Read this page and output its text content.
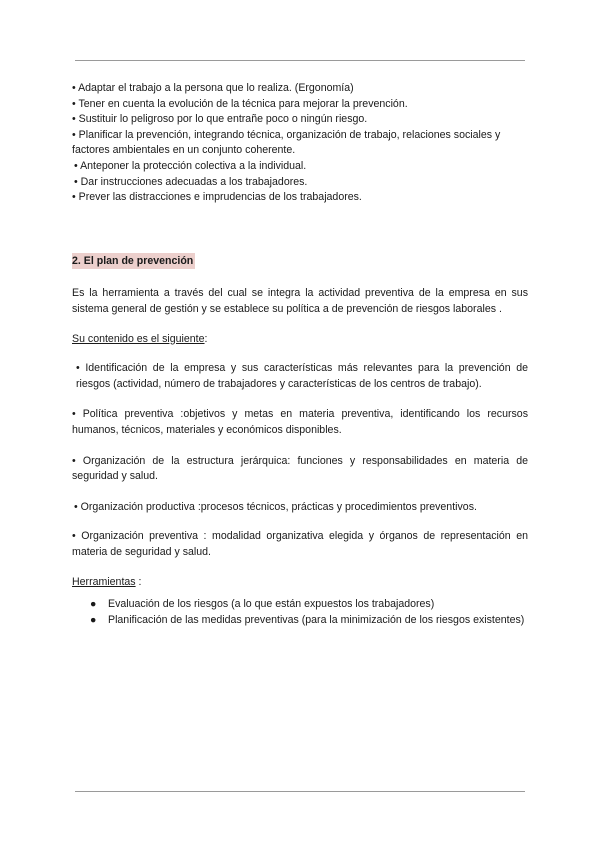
• Adaptar el trabajo a la persona que lo realiza. (Ergonomía)

• Tener en cuenta la evolución de la técnica para mejorar la prevención.

• Sustituir lo peligroso por lo que entrañe poco o ningún riesgo.

• Planificar la prevención, integrando técnica, organización de trabajo, relaciones sociales y factores ambientales en un conjunto coherente.

• Anteponer la protección colectiva a la individual.

• Dar instrucciones adecuadas a los trabajadores.

• Prever las distracciones e imprudencias de los trabajadores.

2. El plan de prevención

Es la herramienta a través del cual se integra la actividad preventiva de la empresa en sus sistema general de gestión y se establece su política a de prevención de riesgos laborales .

Su contenido es el siguiente:

• Identificación de la empresa y sus características más relevantes para la prevención de riesgos (actividad, número de trabajadores y características de los centros de trabajo).

• Política preventiva :objetivos y metas en materia preventiva, identificando los recursos humanos, técnicos, materiales y económicos disponibles.

• Organización de la estructura jerárquica: funciones y responsabilidades en materia de seguridad y salud.

• Organización productiva :procesos técnicos, prácticas y procedimientos preventivos.

• Organización preventiva : modalidad organizativa elegida y órganos de representación en materia de seguridad y salud.

Herramientas :

● Evaluación de los riesgos (a lo que están expuestos los trabajadores)
● Planificación de las medidas preventivas (para la minimización de los riesgos existentes)
